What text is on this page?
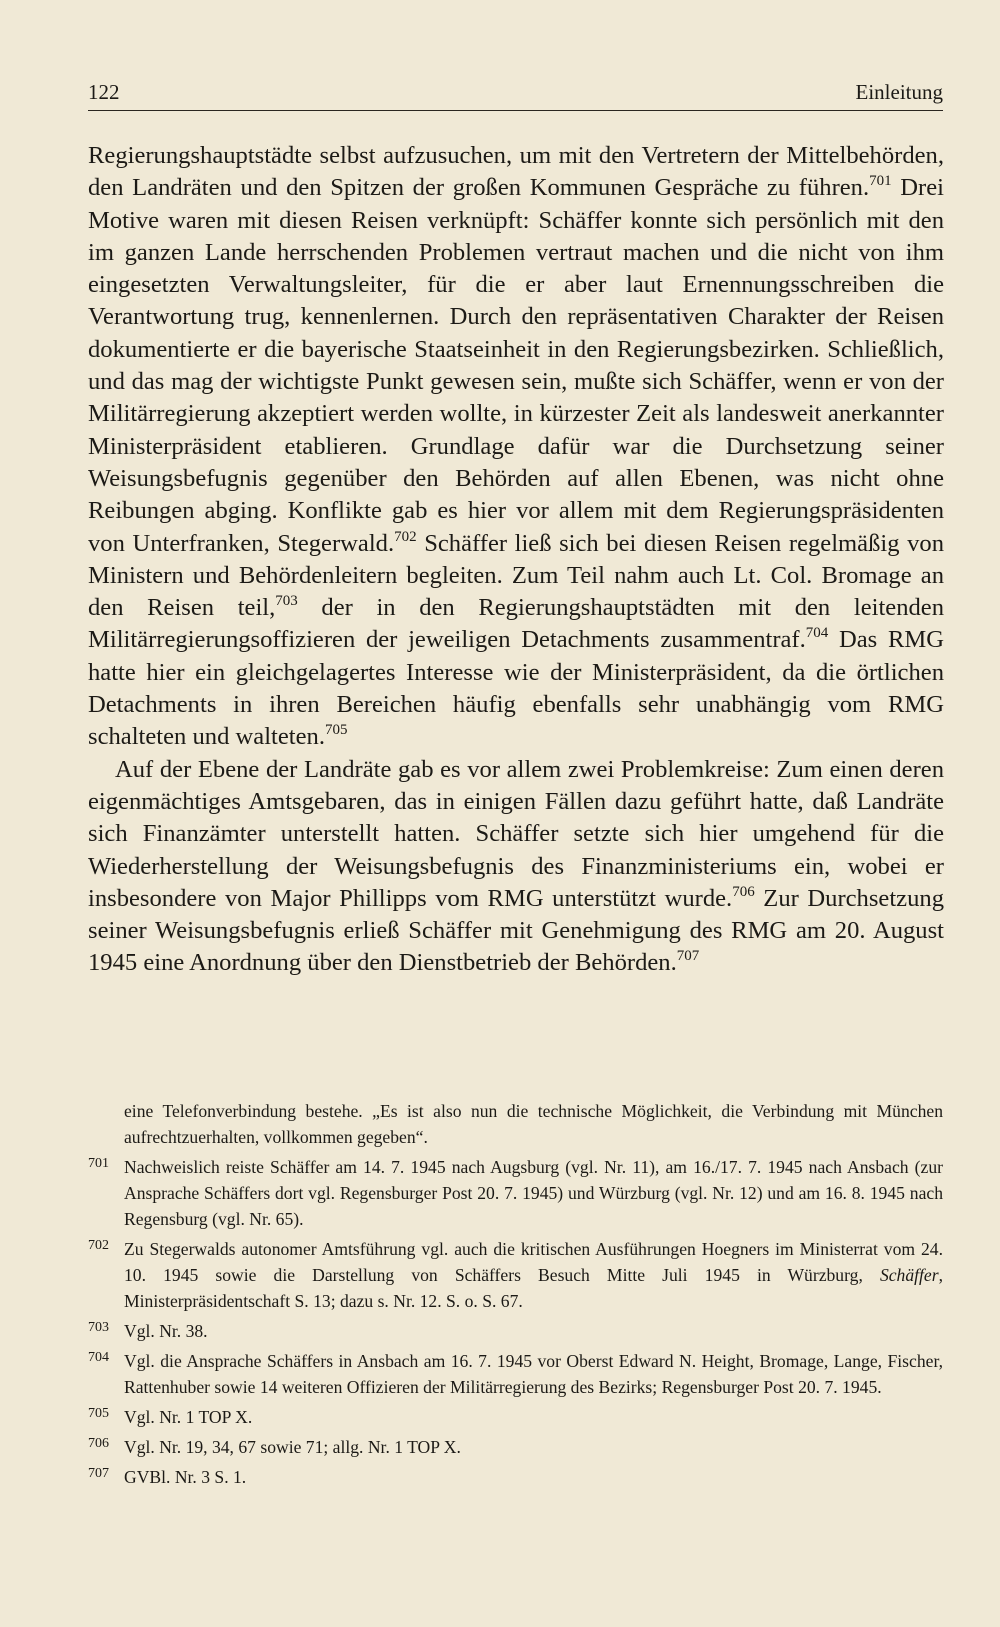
122	Einleitung

Regierungshauptstädte selbst aufzusuchen, um mit den Vertretern der Mittelbehörden, den Landräten und den Spitzen der großen Kommunen Gespräche zu führen.$^{701}$ Drei Motive waren mit diesen Reisen verknüpft: Schäffer konnte sich persönlich mit den im ganzen Lande herrschenden Problemen vertraut machen und die nicht von ihm eingesetzten Verwaltungsleiter, für die er aber laut Ernennungsschreiben die Verantwortung trug, kennenlernen. Durch den repräsentativen Charakter der Reisen dokumentierte er die bayerische Staatseinheit in den Regierungsbezirken. Schließlich, und das mag der wichtigste Punkt gewesen sein, mußte sich Schäffer, wenn er von der Militärregierung akzeptiert werden wollte, in kürzester Zeit als landesweit anerkannter Ministerpräsident etablieren. Grundlage dafür war die Durchsetzung seiner Weisungsbefugnis gegenüber den Behörden auf allen Ebenen, was nicht ohne Reibungen abging. Konflikte gab es hier vor allem mit dem Regierungspräsidenten von Unterfranken, Stegerwald.$^{702}$ Schäffer ließ sich bei diesen Reisen regelmäßig von Ministern und Behördenleitern begleiten. Zum Teil nahm auch Lt. Col. Bromage an den Reisen teil,$^{703}$ der in den Regierungshauptstädten mit den leitenden Militärregierungsoffizieren der jeweiligen Detachments zusammentraf.$^{704}$ Das RMG hatte hier ein gleichgelagertes Interesse wie der Ministerpräsident, da die örtlichen Detachments in ihren Bereichen häufig ebenfalls sehr unabhängig vom RMG schalteten und walteten.$^{705}$

Auf der Ebene der Landräte gab es vor allem zwei Problemkreise: Zum einen deren eigenmächtiges Amtsgebaren, das in einigen Fällen dazu geführt hatte, daß Landräte sich Finanzämter unterstellt hatten. Schäffer setzte sich hier umgehend für die Wiederherstellung der Weisungsbefugnis des Finanzministeriums ein, wobei er insbesondere von Major Phillipps vom RMG unterstützt wurde.$^{706}$ Zur Durchsetzung seiner Weisungsbefugnis erließ Schäffer mit Genehmigung des RMG am 20. August 1945 eine Anordnung über den Dienstbetrieb der Behörden.$^{707}$

eine Telefonverbindung bestehe. „Es ist also nun die technische Möglichkeit, die Verbindung mit München aufrechtzuerhalten, vollkommen gegeben“.
701 Nachweislich reiste Schäffer am 14. 7. 1945 nach Augsburg (vgl. Nr. 11), am 16./17. 7. 1945 nach Ansbach (zur Ansprache Schäffers dort vgl. Regensburger Post 20. 7. 1945) und Würzburg (vgl. Nr. 12) und am 16. 8. 1945 nach Regensburg (vgl. Nr. 65).
702 Zu Stegerwalds autonomer Amtsführung vgl. auch die kritischen Ausführungen Hoegners im Ministerrat vom 24. 10. 1945 sowie die Darstellung von Schäffers Besuch Mitte Juli 1945 in Würzburg, Schäffer, Ministerpräsidentschaft S. 13; dazu s. Nr. 12. S. o. S. 67.
703 Vgl. Nr. 38.
704 Vgl. die Ansprache Schäffers in Ansbach am 16. 7. 1945 vor Oberst Edward N. Height, Bromage, Lange, Fischer, Rattenhuber sowie 14 weiteren Offizieren der Militärregierung des Bezirks; Regensburger Post 20. 7. 1945.
705 Vgl. Nr. 1 TOP X.
706 Vgl. Nr. 19, 34, 67 sowie 71; allg. Nr. 1 TOP X.
707 GVBl. Nr. 3 S. 1.
